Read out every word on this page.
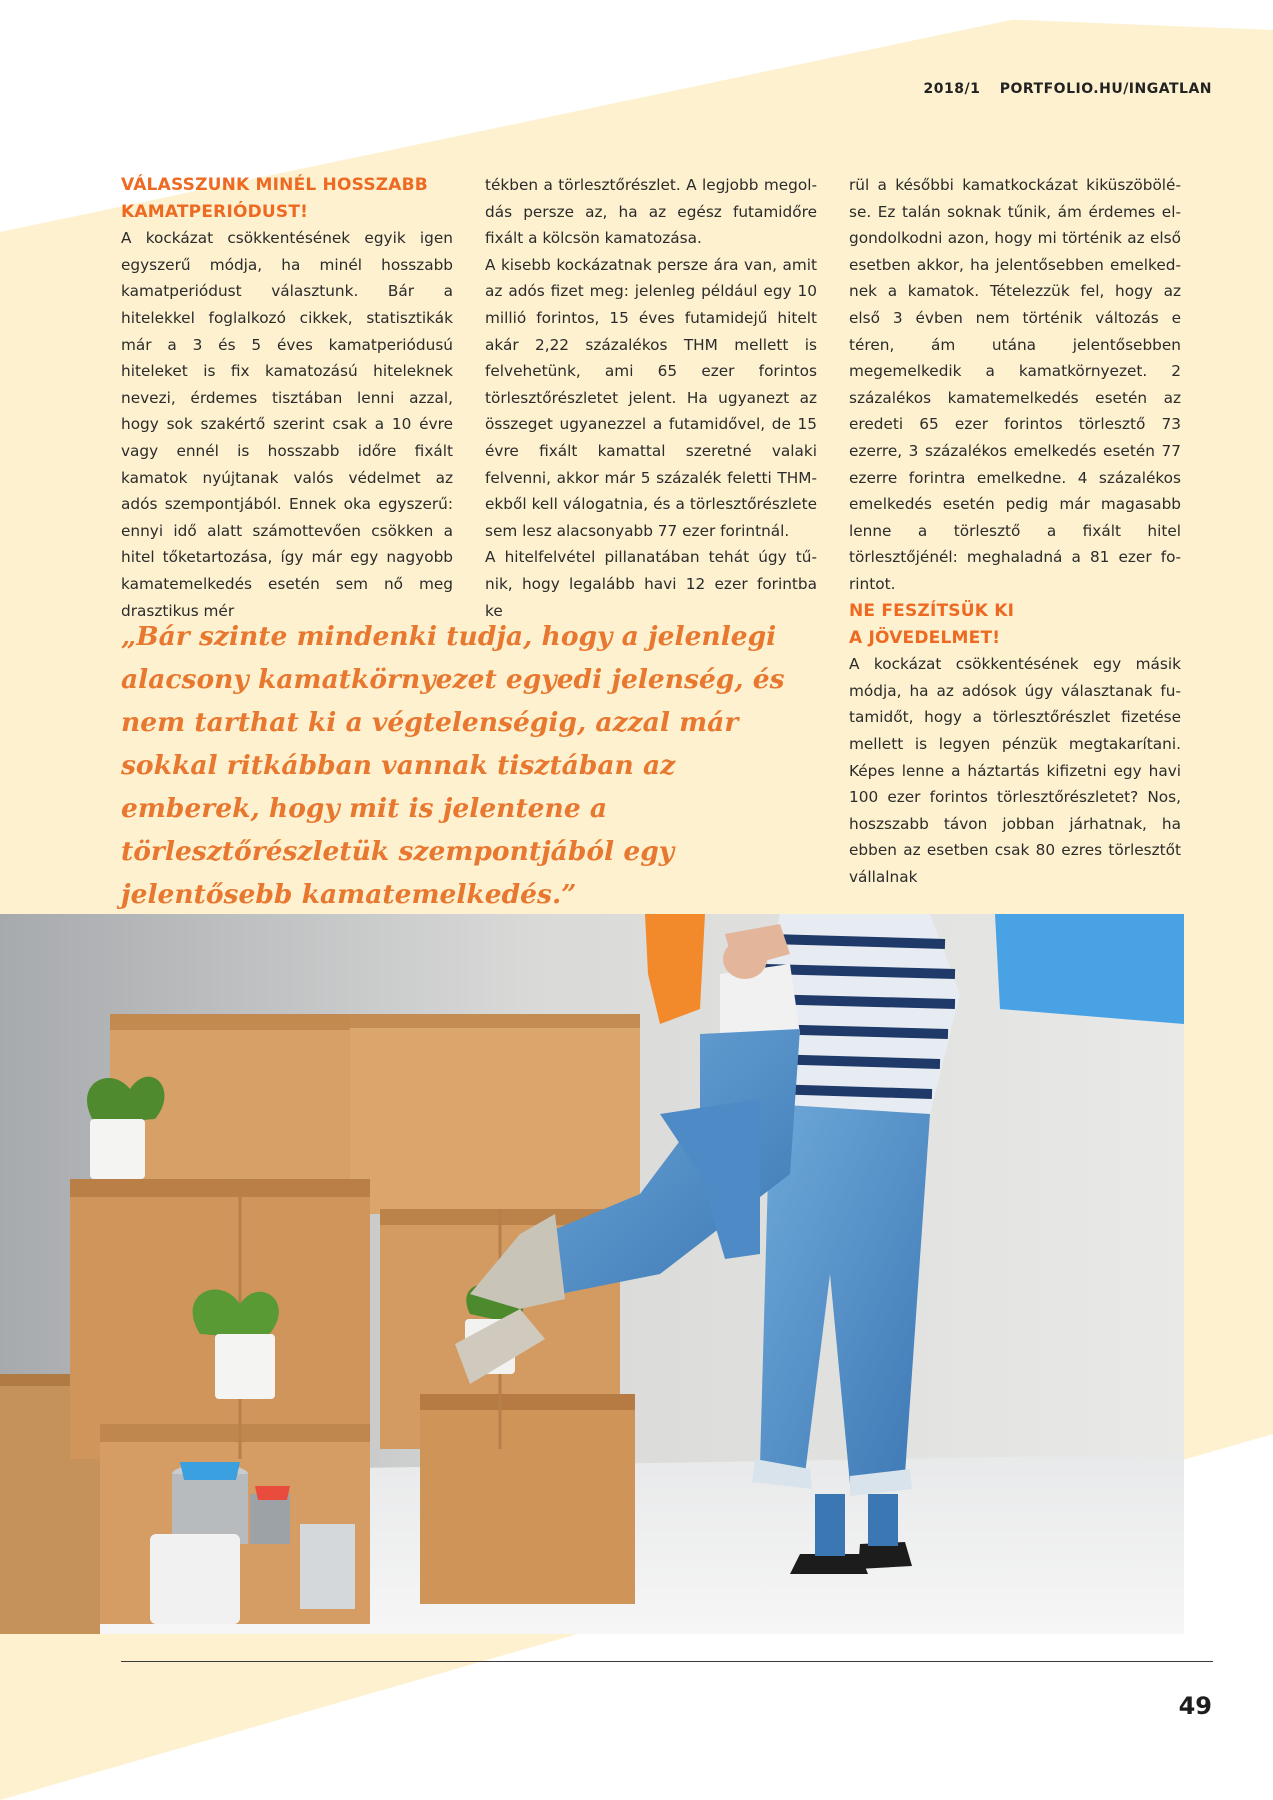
2018/1 PORTFOLIO.HU/INGATLAN

VÁLASSZUNK MINÉL HOSSZABB KAMATPERIÓDUST!

A kockázat csökkentésének egyik igen egyszerű módja, ha minél hosszabb kamatperiódust választunk. Bár a hitelekkel foglalkozó cikkek, statisztikák már a 3 és 5 éves kamatperiódusú hiteleket is fix kamatozású hiteleknek nevezi, érdemes tisztában lenni azzal, hogy sok szakértő szerint csak a 10 évre vagy ennél is hosszabb időre fixált kamatok nyújtanak valós védelmet az adós szempontjából. Ennek oka egyszerű: ennyi idő alatt számottevően csökken a hitel tőketartozása, így már egy nagyobb kamatemelkedés esetén sem nő meg drasztikus mér

tékben a törlesztőrészlet. A legjobb megoldás persze az, ha az egész futamidőre fixált a kölcsön kamatozása.

A kisebb kockázatnak persze ára van, amit az adós fizet meg: jelenleg például egy 10 millió forintos, 15 éves futamidejű hitelt akár 2,22 százalékos THM mellett is felvehetünk, ami 65 ezer forintos törlesztőrészletet jelent. Ha ugyanezt az összeget ugyanezzel a futamidővel, de 15 évre fixált kamattal szeretné valaki felvenni, akkor már 5 százalék feletti THM-ekből kell válogatnia, és a törlesztőrészlete sem lesz alacsonyabb 77 ezer forintnál.

A hitelfelvétel pillanatában tehát úgy tűnik, hogy legalább havi 12 ezer forintba ke

rül a későbbi kamatkockázat kiküszöbölése. Ez talán soknak tűnik, ám érdemes elgondolkodni azon, hogy mi történik az első esetben akkor, ha jelentősebben emelkednek a kamatok. Tételezzük fel, hogy az első 3 évben nem történik változás e téren, ám utána jelentősebben megemelkedik a kamatkörnyezet. 2 százalékos kamatemelkedés esetén az eredeti 65 ezer forintos törlesztő 73 ezerre, 3 százalékos emelkedés esetén 77 ezerre forintra emelkedne. 4 százalékos emelkedés esetén pedig már magasabb lenne a törlesztő a fixált hitel törlesztőjénél: meghaladná a 81 ezer forintot.

NE FESZÍTSÜK KI
A JÖVEDELMET!

A kockázat csökkentésének egy másik módja, ha az adósok úgy választanak futamidőt, hogy a törlesztőrészlet fizetése mellett is legyen pénzük megtakarítani. Képes lenne a háztartás kifizetni egy havi 100 ezer forintos törlesztőrészletet? Nos, hoszszabb távon jobban járhatnak, ha ebben az esetben csak 80 ezres törlesztőt vállalnak

„Bár szinte mindenki tudja, hogy a jelenlegi alacsony kamatkörnyezet egyedi jelenség, és nem tarthat ki a végtelenségig, azzal már sokkal ritkábban vannak tisztában az emberek, hogy mit is jelentene a törlesztőrészletük szempontjából egy jelentősebb kamatemelkedés.”

49
